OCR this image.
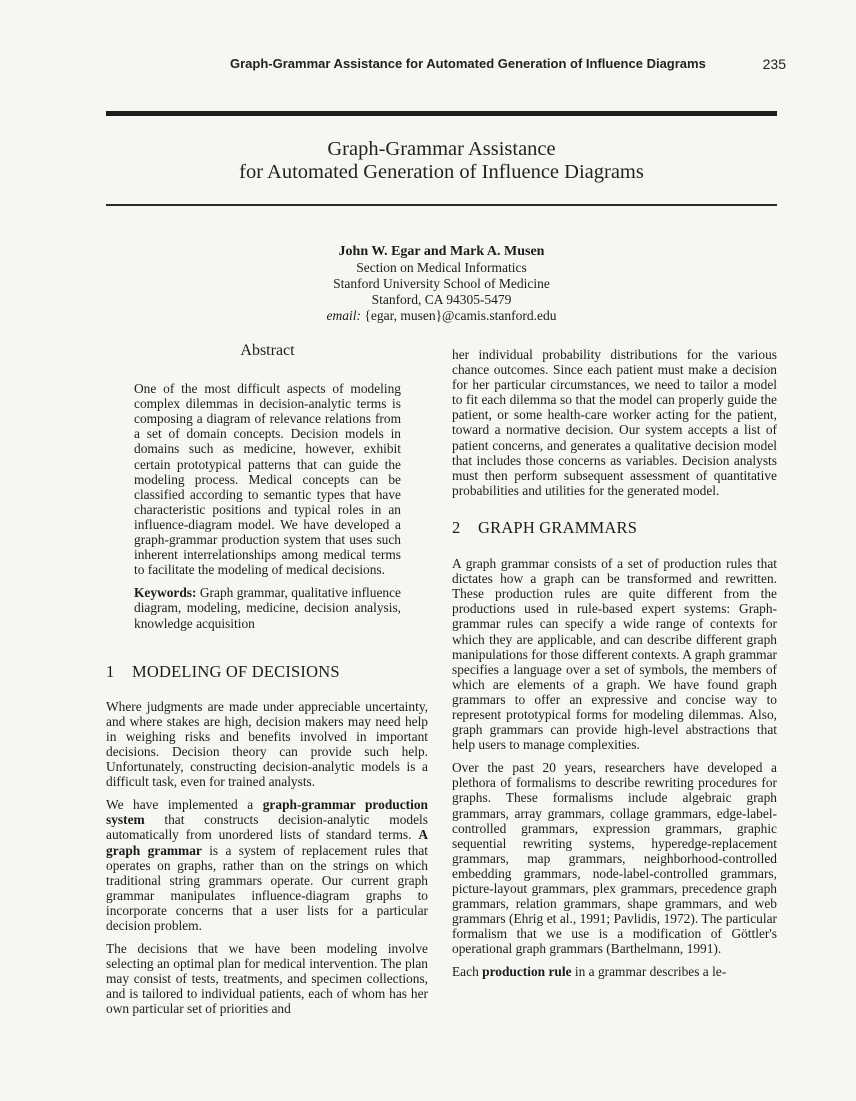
Graph-Grammar Assistance for Automated Generation of Influence Diagrams	235
Graph-Grammar Assistance
for Automated Generation of Influence Diagrams
John W. Egar and Mark A. Musen
Section on Medical Informatics
Stanford University School of Medicine
Stanford, CA 94305-5479
email: {egar, musen}@camis.stanford.edu
Abstract

One of the most difficult aspects of modeling complex dilemmas in decision-analytic terms is composing a diagram of relevance relations from a set of domain concepts. Decision models in domains such as medicine, however, exhibit certain prototypical patterns that can guide the modeling process. Medical concepts can be classified according to semantic types that have characteristic positions and typical roles in an influence-diagram model. We have developed a graph-grammar production system that uses such inherent interrelationships among medical terms to facilitate the modeling of medical decisions.

Keywords: Graph grammar, qualitative influence diagram, modeling, medicine, decision analysis, knowledge acquisition

1 MODELING OF DECISIONS

Where judgments are made under appreciable uncertainty, and where stakes are high, decision makers may need help in weighing risks and benefits involved in important decisions. Decision theory can provide such help. Unfortunately, constructing decision-analytic models is a difficult task, even for trained analysts.

We have implemented a graph-grammar production system that constructs decision-analytic models automatically from unordered lists of standard terms. A graph grammar is a system of replacement rules that operates on graphs, rather than on the strings on which traditional string grammars operate. Our current graph grammar manipulates influence-diagram graphs to incorporate concerns that a user lists for a particular decision problem.

The decisions that we have been modeling involve selecting an optimal plan for medical intervention. The plan may consist of tests, treatments, and specimen collections, and is tailored to individual patients, each of whom has her own particular set of priorities and

her individual probability distributions for the various chance outcomes. Since each patient must make a decision for her particular circumstances, we need to tailor a model to fit each dilemma so that the model can properly guide the patient, or some health-care worker acting for the patient, toward a normative decision. Our system accepts a list of patient concerns, and generates a qualitative decision model that includes those concerns as variables. Decision analysts must then perform subsequent assessment of quantitative probabilities and utilities for the generated model.

2 GRAPH GRAMMARS

A graph grammar consists of a set of production rules that dictates how a graph can be transformed and rewritten. These production rules are quite different from the productions used in rule-based expert systems: Graph-grammar rules can specify a wide range of contexts for which they are applicable, and can describe different graph manipulations for those different contexts. A graph grammar specifies a language over a set of symbols, the members of which are elements of a graph. We have found graph grammars to offer an expressive and concise way to represent prototypical forms for modeling dilemmas. Also, graph grammars can provide high-level abstractions that help users to manage complexities.

Over the past 20 years, researchers have developed a plethora of formalisms to describe rewriting procedures for graphs. These formalisms include algebraic graph grammars, array grammars, collage grammars, edge-label-controlled grammars, expression grammars, graphic sequential rewriting systems, hyperedge-replacement grammars, map grammars, neighborhood-controlled embedding grammars, node-label-controlled grammars, picture-layout grammars, plex grammars, precedence graph grammars, relation grammars, shape grammars, and web grammars (Ehrig et al., 1991; Pavlidis, 1972). The particular formalism that we use is a modification of Göttler's operational graph grammars (Barthelmann, 1991).

Each production rule in a grammar describes a le-
